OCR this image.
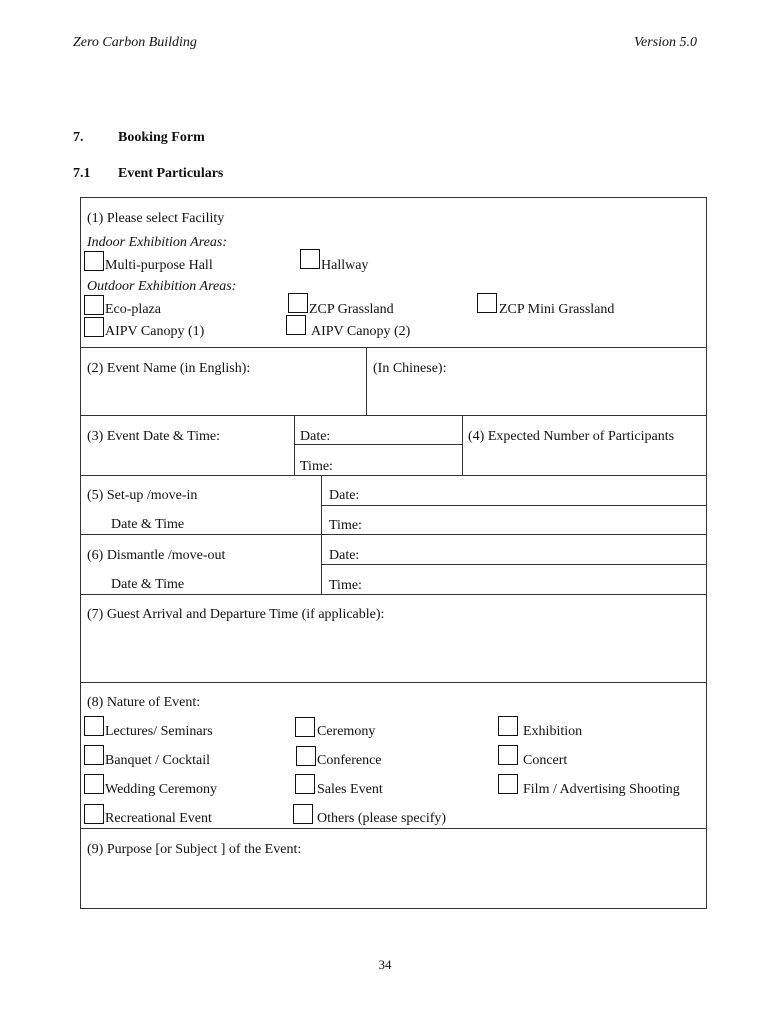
Zero Carbon Building	Version 5.0
7. Booking Form
7.1 Event Particulars
(1) Please select Facility
Indoor Exhibition Areas:
Multi-purpose Hall	Hallway
Outdoor Exhibition Areas:
Eco-plaza	ZCP Grassland	ZCP Mini Grassland
AIPV Canopy (1)	AIPV Canopy (2)
(2) Event Name (in English):	(In Chinese):
(3) Event Date & Time:	Date:
Time:
(4) Expected Number of Participants
(5) Set-up /move-in
Date & Time
Date:
Time:
(6) Dismantle /move-out
Date & Time
Date:
Time:
(7) Guest Arrival and Departure Time (if applicable):
(8) Nature of Event:
Lectures/ Seminars	Ceremony	Exhibition
Banquet / Cocktail	Conference	Concert
Wedding Ceremony	Sales Event	Film / Advertising Shooting
Recreational Event	Others (please specify)
(9) Purpose [or Subject ] of the Event:
34
